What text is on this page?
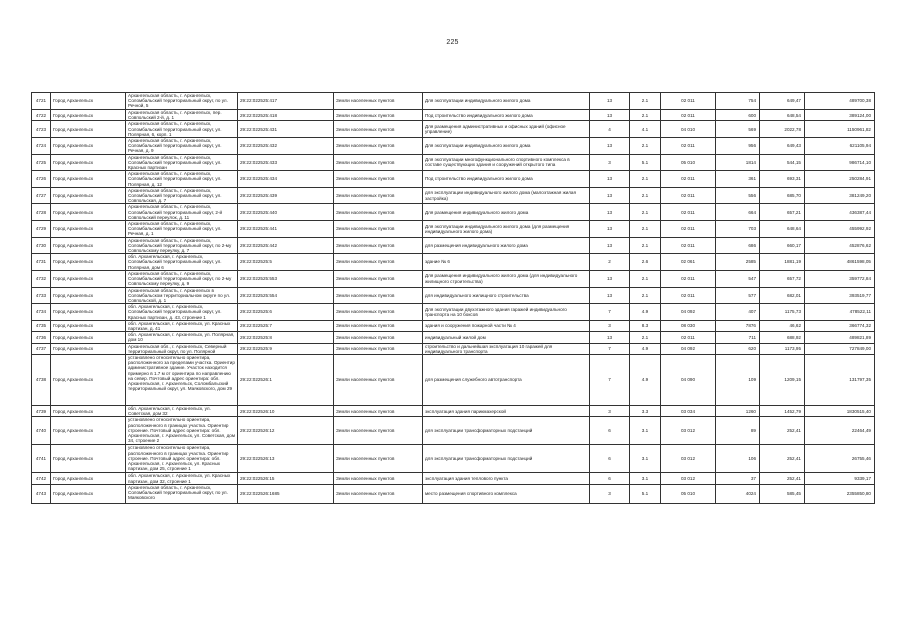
225
4721	Город Архангельск	Архангельская область, г. Архангельск, Соломбальский территориальный округ, по ул. Речной, 5	29:22:022525:417	Земли населенных пунктов	Для эксплуатации индивидуального жилого дома	13	2.1	02 011	754	649,47	489700,38
4722	Город Архангельск	Архангельская область, г. Архангельск, пер. Совпольский 2-й, д. 1	29:22:022525:418	Земли населенных пунктов	Под строительство индивидуального жилого дома	13	2.1	02 011	600	648,54	389124,00
4723	Город Архангельск	Архангельская область, г. Архангельск, Соломбальский территориальный округ, ул. Полярная, 6, корп. 1	29:22:022525:431	Земли населенных пунктов	Для размещения административных и офисных зданий (офисное управление)	4	4.1	04 010	569	2022,78	1150961,82
4724	Город Архангельск	Архангельская область, г. Архангельск, Соломбальский территориальный округ, ул. Речная, д. 9	29:22:022525:432	Земли населенных пунктов	Для эксплуатации индивидуального жилого дома	13	2.1	02 011	956	649,43	621105,94
4725	Город Архангельск	Архангельская область, г. Архангельск, Соломбальский территориальный округ, ул. Красных партизан	29:22:022525:433	Земли населенных пунктов	Для эксплуатации многофункционального спортивного комплекса в составе существующих здания и сооружений открытого типа	3	5.1	05 010	1814	544,15	986714,10
4726	Город Архангельск	Архангельская область, г. Архангельск, Соломбальский территориальный округ, ул. Полярная, д. 12	29:22:022525:434	Земли населенных пунктов	Под строительство индивидуального жилого дома	13	2.1	02 011	361	693,31	250284,91
4727	Город Архангельск	Архангельская область, г. Архангельск, Соломбальский территориальный округ, ул. Совпольская, д. 7	29:22:022525:439	Земли населенных пунктов	для эксплуатации индивидуального жилого дома (малоэтажная жилая застройка)	13	2.1	02 011	556	685,70	381249,20
4728	Город Архангельск	Архангельская область, г. Архангельск, Соломбальский территориальный округ, 2-й Совпольский переулок, д. 11	29:22:022525:440	Земли населенных пунктов	Для размещения индивидуального жилого дома	13	2.1	02 011	664	657,21	436387,44
4729	Город Архангельск	Архангельская область, г. Архангельск, Соломбальский территориальный округ, ул. Речная, д. 1	29:22:022525:441	Земли населенных пунктов	Для эксплуатации индивидуального жилого дома (для размещения индивидуального жилого дома)	13	2.1	02 011	703	648,64	455992,92
4730	Город Архангельск	Архангельская область, г. Архангельск, Соломбальский территориальный округ, по 2-му Совпольскому переулку, д. 7	29:22:022525:442	Земли населенных пунктов	для размещения индивидуального жилого дома	13	2.1	02 011	686	660,17	452876,62
4731	Город Архангельск	обл. Архангельская, г. Архангельск, Соломбальский территориальный округ, ул. Полярная, дом 6	29:22:022525:5	Земли населенных пунктов	здание № 6	2	2.6	02 061	2585	1881,19	4861598,05
4732	Город Архангельск	Архангельская область, г. Архангельск, Соломбальский территориальный округ, по 2-му Совпольскому переулку, д. 9	29:22:022525:553	Земли населенных пунктов	Для размещения индивидуального жилого дома (для индивидуального жилищного строительства)	13	2.1	02 011	547	657,72	359772,84
4733	Город Архангельск	Архангельская область, г. Архангельск в Соломбальском территориальном округе по ул. Совпольской, д. 1	29:22:022525:554	Земли населенных пунктов	для индивидуального жилищного строительства	13	2.1	02 011	577	682,01	393519,77
4734	Город Архангельск	обл. Архангельская, г. Архангельск, Соломбальский территориальный округ, ул. Красных партизан, д. 43, строение 1	29:22:022525:6	Земли населенных пунктов	Для эксплуатации двухэтажного здания гаражей индивидуального транспорта на 10 боксов	7	4.9	04 092	407	1175,73	478522,11
4735	Город Архангельск	обл. Архангельская, г. Архангельск, ул. Красных партизан, д. 41	29:22:022525:7	Земли населенных пунктов	здания и сооружения пожарной части № 4	3	8.3	08 030	7876	46,62	366774,32
4736	Город Архангельск	обл. Архангельская, г. Архангельск, ул. Полярная, дом 10	29:22:022525:8	Земли населенных пунктов	индивидуальный жилой дом	13	2.1	02 011	711	688,92	489821,89
4737	Город Архангельск	Архангельская обл., г. Архангельск, Северный территориальный округ, по ул. Полярной	29:22:022525:9	Земли населенных пунктов	строительство и дальнейшая эксплуатация 10 гаражей для индивидуального транспорта	7	4.9	04 092	620	1173,95	727849,00
4738	Город Архангельск	установлено относительно ориентира, расположенного за пределами участка. Ориентир административное здание. Участок находится примерно в 1.7 м от ориентира по направлению на север. Почтовый адрес ориентира: обл. Архангельская, г. Архангельск, Соломбальский территориальный округ, ул. Маяковского, дом 29	29:22:022526:1	Земли населенных пунктов	для размещения служебного автотранспорта	7	4.9	04 090	109	1209,15	131797,35
4739	Город Архангельск	обл. Архангельская, г. Архангельск, ул. Советская, дом 32	29:22:022526:10	Земли населенных пунктов	эксплуатация здания парикмахерской	3	3.3	03 034	1260	1452,79	1830515,40
4740	Город Архангельск	установлено относительно ориентира, расположенного в границах участка. Ориентир строение. Почтовый адрес ориентира: обл. Архангельская, г. Архангельск, ул. Советская, дом 34, строение 2	29:22:022526:12	Земли населенных пунктов	для эксплуатации трансформаторных подстанций	6	3.1	03 012	89	252,41	22464,49
4741	Город Архангельск	установлено относительно ориентира, расположенного в границах участка. Ориентир строение. Почтовый адрес ориентира: обл. Архангельская, г. Архангельск, ул. Красных партизан, дом 25, строение 1	29:22:022526:13	Земли населенных пунктов	для эксплуатации трансформаторных подстанций	6	3.1	03 012	106	252,41	26755,46
4742	Город Архангельск	обл. Архангельская, г. Архангельск, ул. Красных партизан, дом 32, строение 1	29:22:022526:15	Земли населенных пунктов	эксплуатация здания теплового пункта	6	3.1	03 012	37	252,41	9339,17
4743	Город Архангельск	Архангельская область, г. Архангельск, Соломбальский территориальный округ, по ул. Маяковского	29:22:022526:1685	Земли населенных пунктов	место размещения спортивного комплекса	3	5.1	05 010	4024	585,45	2355850,80
